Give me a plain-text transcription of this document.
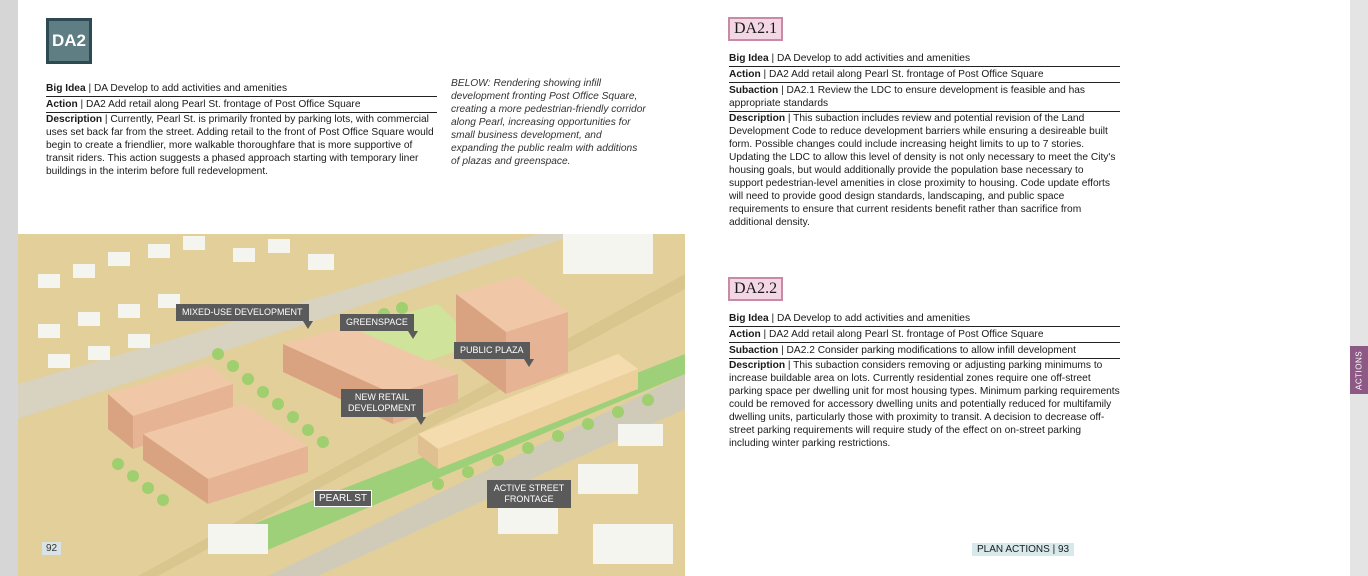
ACTIONS
DA2
Big Idea | DA Develop to add activities and amenities
Action | DA2 Add retail along Pearl St. frontage of Post Office Square
Description | Currently, Pearl St. is primarily fronted by parking lots, with commercial uses set back far from the street. Adding retail to the front of Post Office Square would begin to create a friendlier, more walkable thoroughfare that is more supportive of transit riders. This action suggests a phased approach starting with temporary liner buildings in the interim before full redevelopment.
BELOW: Rendering showing infill development fronting Post Office Square, creating a more pedestrian-friendly corridor along Pearl, increasing opportunities for small business development, and expanding the public realm with additions of plazas and greenspace.
MIXED-USE DEVELOPMENT
GREENSPACE
PUBLIC PLAZA
NEW RETAIL DEVELOPMENT
ACTIVE STREET FRONTAGE
PEARL ST
92
DA2.1
Big Idea | DA Develop to add activities and amenities
Action | DA2 Add retail along Pearl St. frontage of Post Office Square
Subaction | DA2.1 Review the LDC to ensure development is feasible and has appropriate standards
Description | This subaction includes review and potential revision of the Land Development Code to reduce development barriers while ensuring a desireable built form. Possible changes could include increasing height limits to up to 7 stories. Updating the LDC to allow this level of density is not only necessary to meet the City's housing goals, but would additionally provide the population base necessary to support pedestrian-level amenities in close proximity to housing. Code update efforts will need to provide good design standards, landscaping, and public space requirements to ensure that current residents benefit rather than sacrifice from additional density.
DA2.2
Big Idea | DA Develop to add activities and amenities
Action | DA2 Add retail along Pearl St. frontage of Post Office Square
Subaction | DA2.2 Consider parking modifications to allow infill development
Description | This subaction considers removing or adjusting parking minimums to increase buildable area on lots. Currently residential zones require one off-street parking space per dwelling unit for most housing types. Minimum parking requirements could be removed for accessory dwelling units and potentially reduced for multifamily dwelling units, particularly those with proximity to transit. A decision to decrease off-street parking requirements will require study of the effect on on-street parking including winter parking restrictions.
PLAN ACTIONS | 93
